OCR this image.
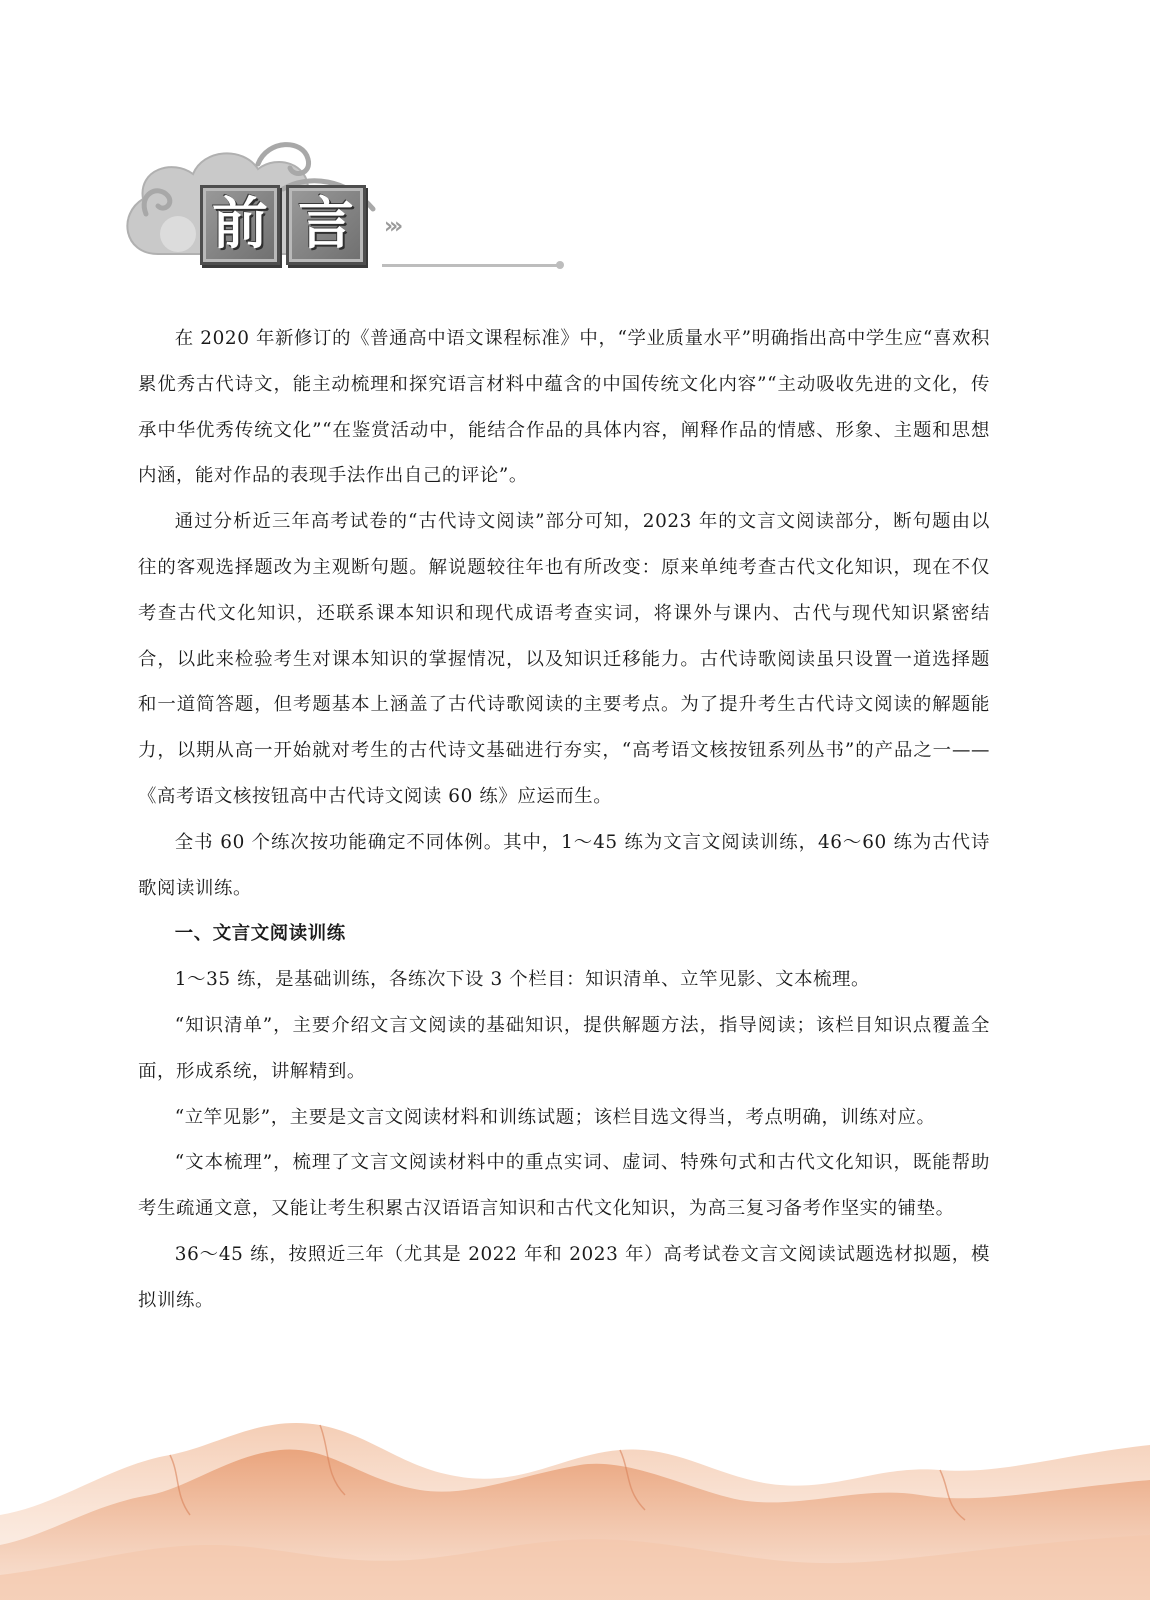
前 言	›››

在 2020 年新修订的《普通高中语文课程标准》中，“学业质量水平”明确指出高中学生应“喜欢积累优秀古代诗文，能主动梳理和探究语言材料中蕴含的中国传统文化内容”“主动吸收先进的文化，传承中华优秀传统文化”“在鉴赏活动中，能结合作品的具体内容，阐释作品的情感、形象、主题和思想内涵，能对作品的表现手法作出自己的评论”。

通过分析近三年高考试卷的“古代诗文阅读”部分可知，2023 年的文言文阅读部分，断句题由以往的客观选择题改为主观断句题。解说题较往年也有所改变：原来单纯考查古代文化知识，现在不仅考查古代文化知识，还联系课本知识和现代成语考查实词，将课外与课内、古代与现代知识紧密结合，以此来检验考生对课本知识的掌握情况，以及知识迁移能力。古代诗歌阅读虽只设置一道选择题和一道简答题，但考题基本上涵盖了古代诗歌阅读的主要考点。为了提升考生古代诗文阅读的解题能力，以期从高一开始就对考生的古代诗文基础进行夯实，“高考语文核按钮系列丛书”的产品之一——《高考语文核按钮高中古代诗文阅读 60 练》应运而生。

全书 60 个练次按功能确定不同体例。其中，1～45 练为文言文阅读训练，46～60 练为古代诗歌阅读训练。

一、文言文阅读训练

1～35 练，是基础训练，各练次下设 3 个栏目：知识清单、立竿见影、文本梳理。

“知识清单”，主要介绍文言文阅读的基础知识，提供解题方法，指导阅读；该栏目知识点覆盖全面，形成系统，讲解精到。

“立竿见影”，主要是文言文阅读材料和训练试题；该栏目选文得当，考点明确，训练对应。

“文本梳理”，梳理了文言文阅读材料中的重点实词、虚词、特殊句式和古代文化知识，既能帮助考生疏通文意，又能让考生积累古汉语语言知识和古代文化知识，为高三复习备考作坚实的铺垫。

36～45 练，按照近三年（尤其是 2022 年和 2023 年）高考试卷文言文阅读试题选材拟题，模拟训练。
